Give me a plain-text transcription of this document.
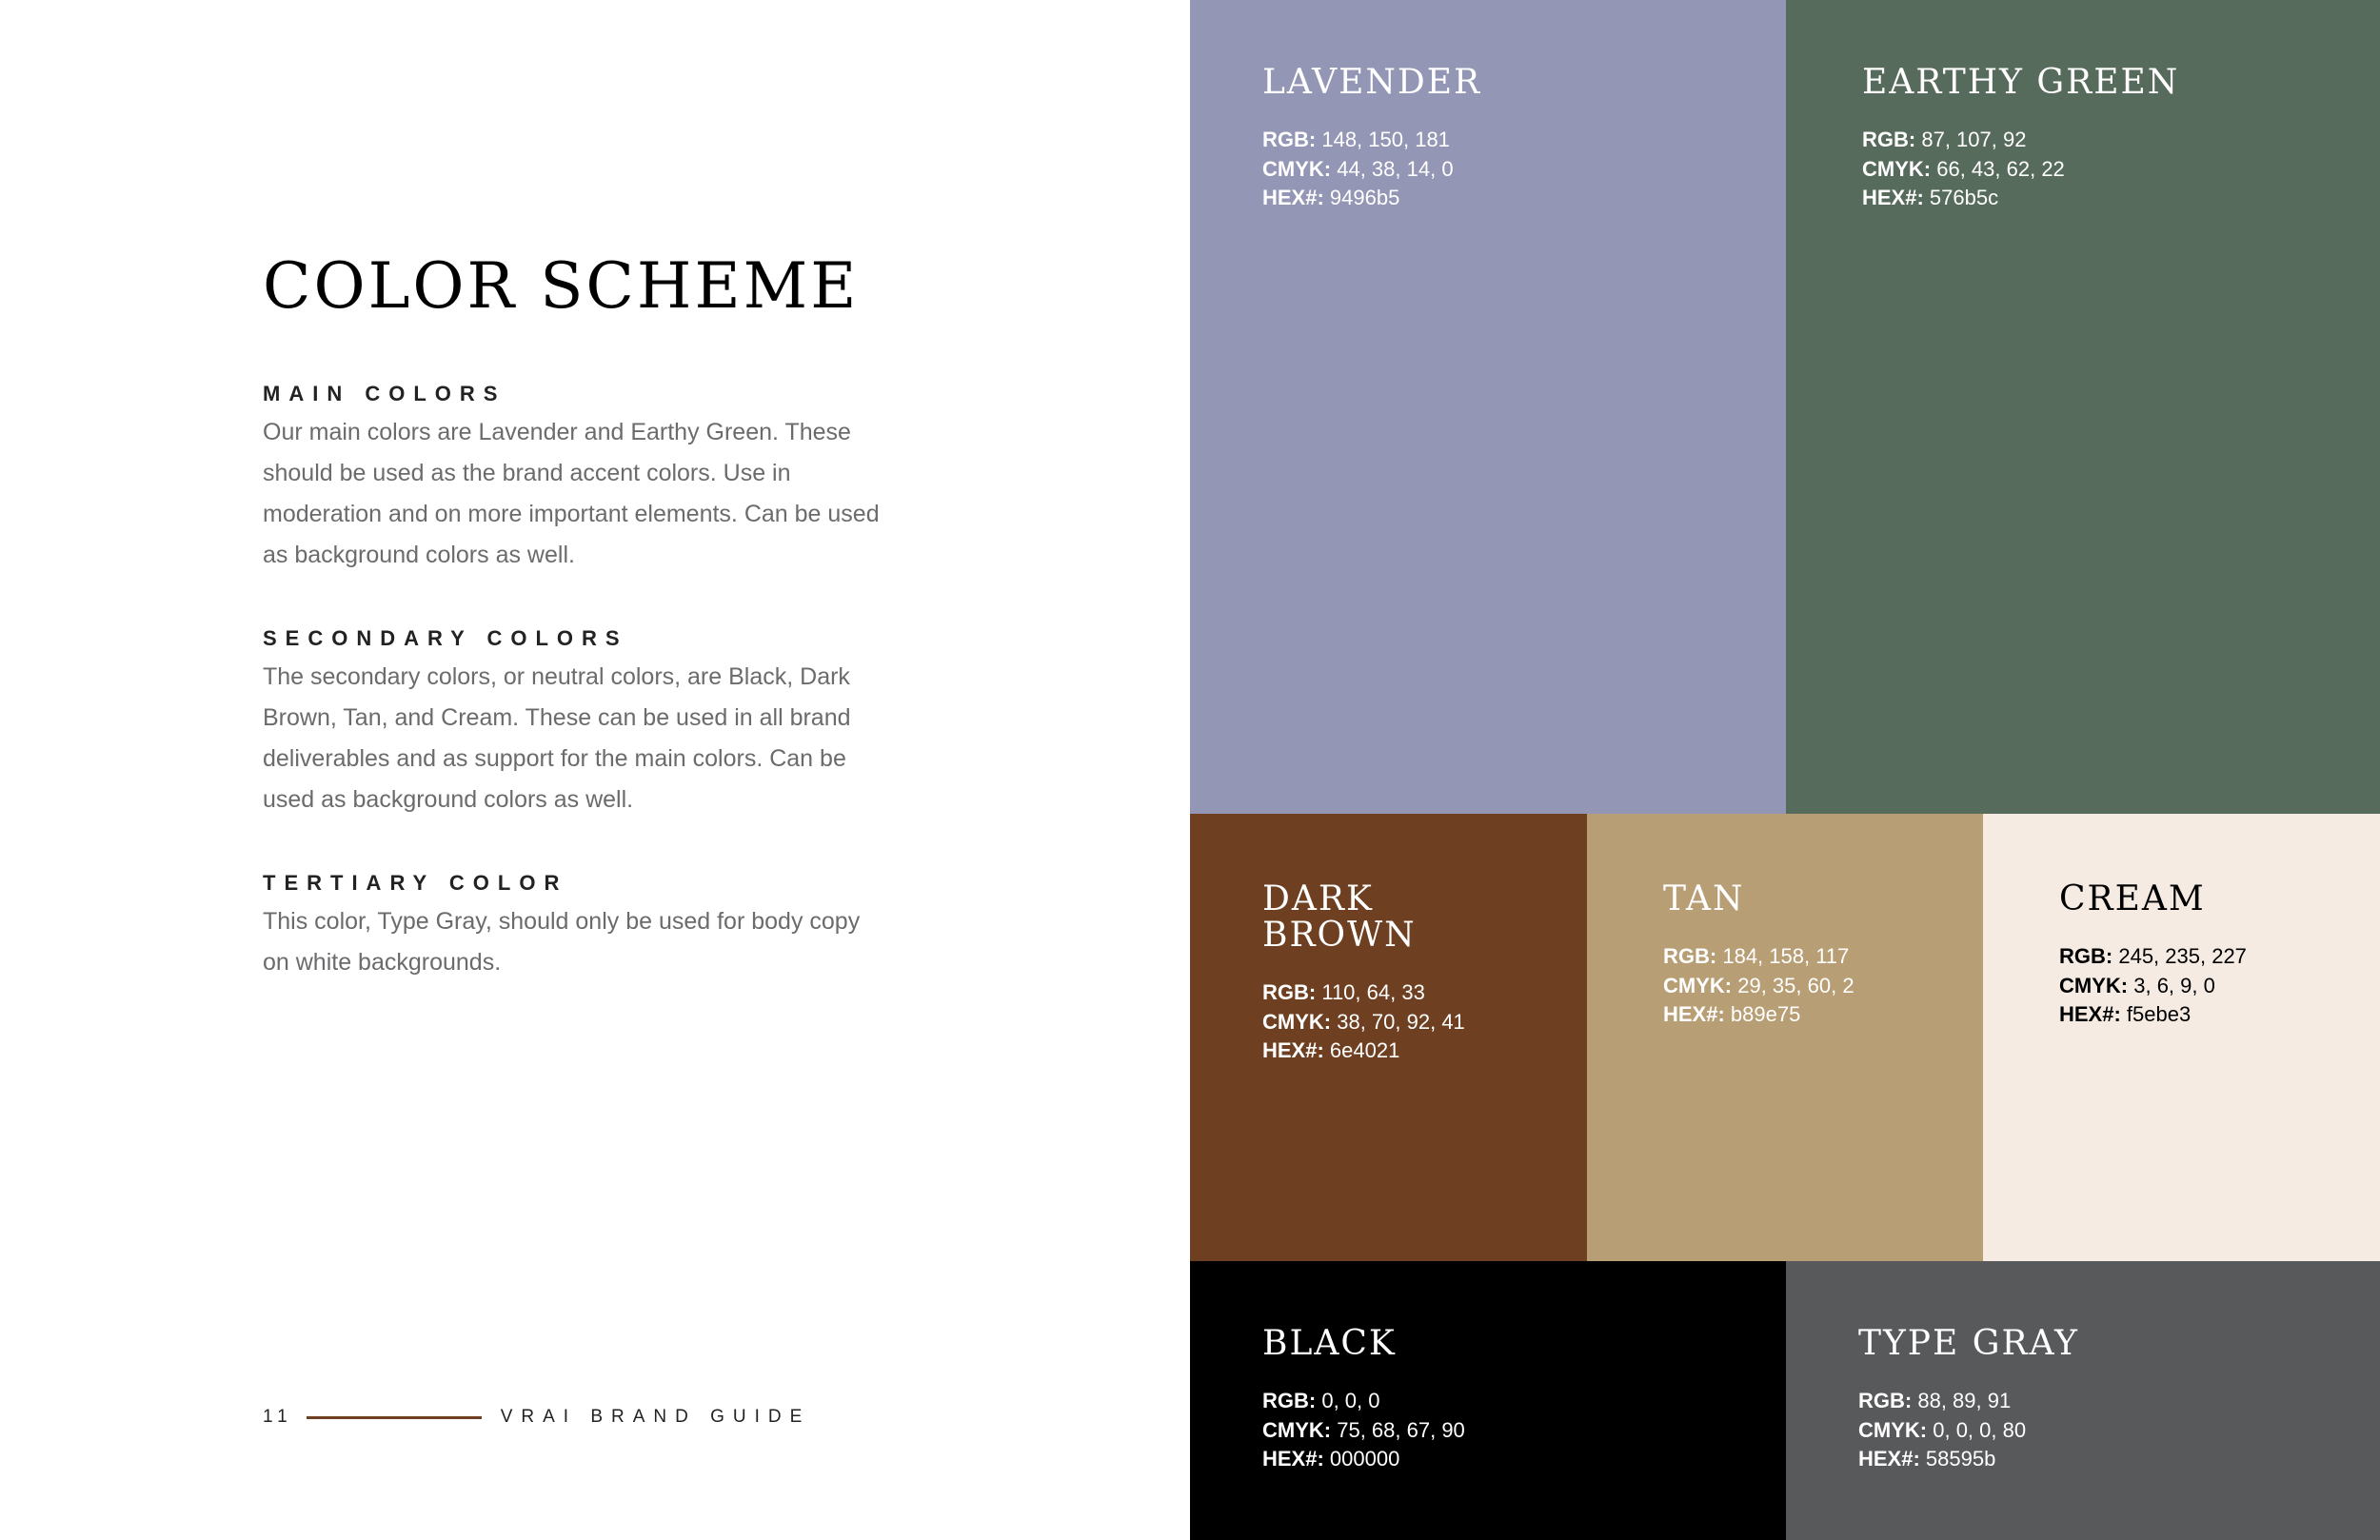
COLOR SCHEME
MAIN COLORS

Our main colors are Lavender and Earthy Green. These should be used as the brand accent colors. Use in moderation and on more important elements. Can be used as background colors as well.

SECONDARY COLORS

The secondary colors, or neutral colors, are Black, Dark Brown, Tan, and Cream. These can be used in all brand deliverables and as support for the main colors. Can be used as background colors as well.

TERTIARY COLOR

This color, Type Gray, should only be used for body copy on white backgrounds.

11	VRAI BRAND GUIDE
LAVENDER
RGB: 148, 150, 181
CMYK: 44, 38, 14, 0
HEX#: 9496b5
EARTHY GREEN
RGB: 87, 107, 92
CMYK: 66, 43, 62, 22
HEX#: 576b5c
DARK
BROWN
RGB: 110, 64, 33
CMYK: 38, 70, 92, 41
HEX#: 6e4021
TAN
RGB: 184, 158, 117
CMYK: 29, 35, 60, 2
HEX#: b89e75
CREAM
RGB: 245, 235, 227
CMYK: 3, 6, 9, 0
HEX#: f5ebe3
BLACK
RGB: 0, 0, 0
CMYK: 75, 68, 67, 90
HEX#: 000000
TYPE GRAY
RGB: 88, 89, 91
CMYK: 0, 0, 0, 80
HEX#: 58595b
